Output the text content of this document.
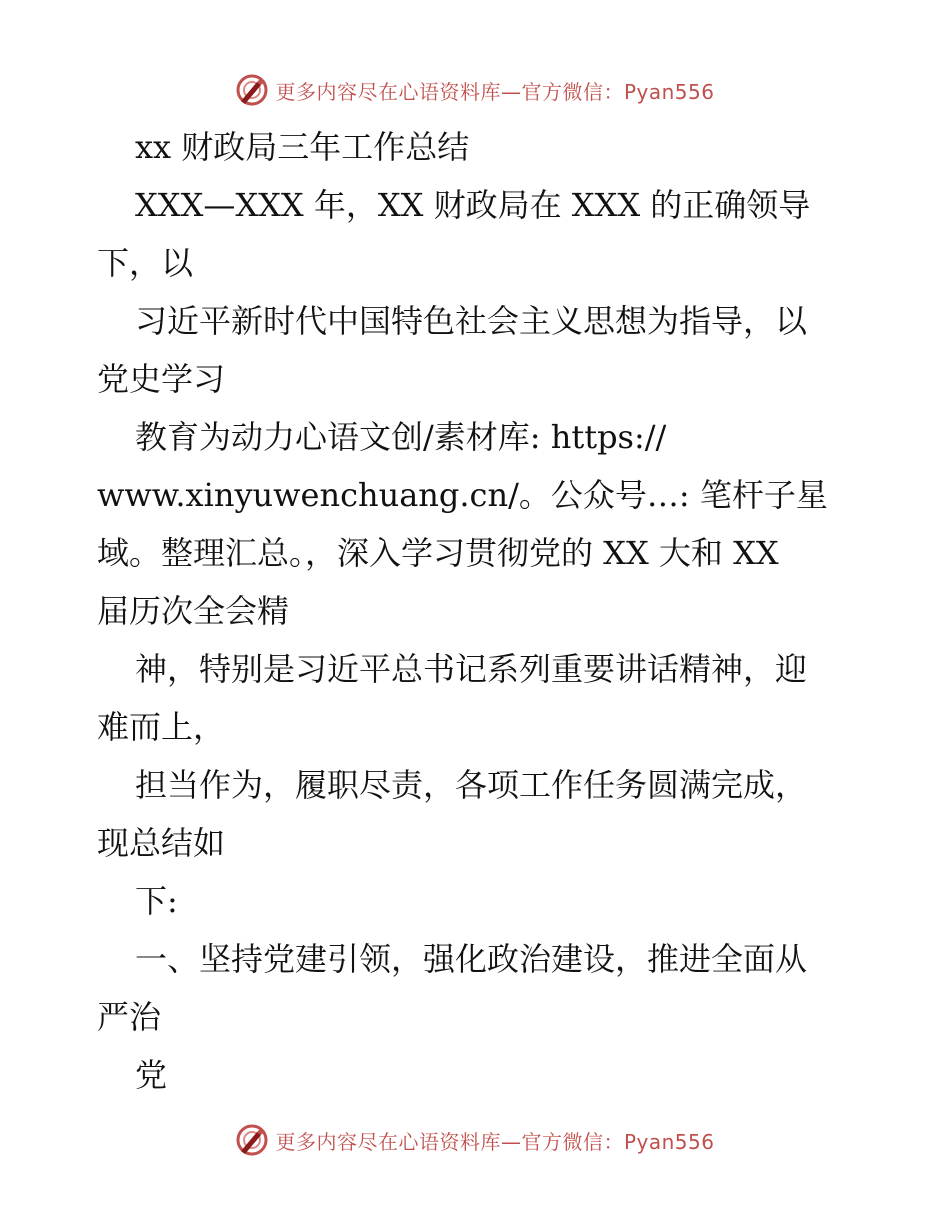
更多内容尽在心语资料库—官方微信：Pyan556

xx 财政局三年工作总结

XXX—XXX 年，XX 财政局在 XXX 的正确领导

下，以

习近平新时代中国特色社会主义思想为指导，以

党史学习

教育为动力心语文创/素材库: https://

www.xinyuwenchuang.cn/。公众号…: 笔杆子星

域。整理汇总。，深入学习贯彻党的 XX 大和 XX

届历次全会精

神，特别是习近平总书记系列重要讲话精神，迎

难而上，

担当作为，履职尽责，各项工作任务圆满完成，

现总结如

下:

一、坚持党建引领，强化政治建设，推进全面从

严治

党

更多内容尽在心语资料库—官方微信：Pyan556
